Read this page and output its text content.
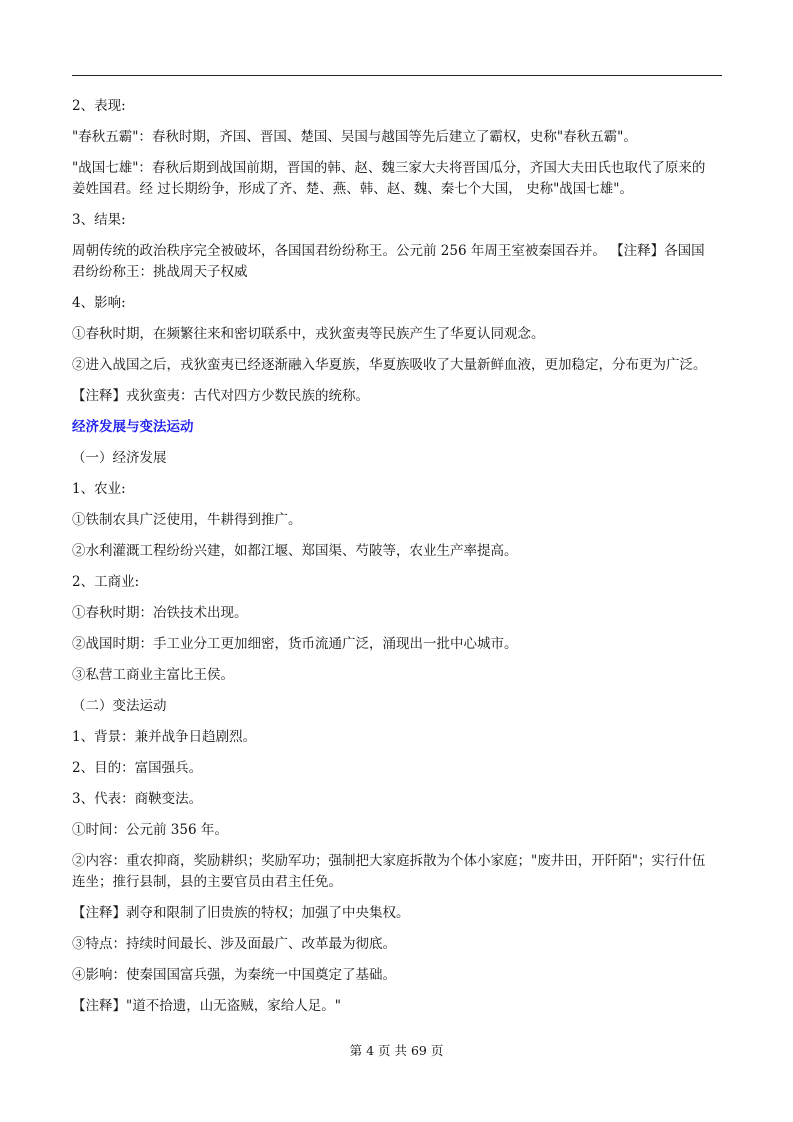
2、表现:
"春秋五霸"：春秋时期，齐国、晋国、楚国、吴国与越国等先后建立了霸权，史称"春秋五霸"。
"战国七雄"：春秋后期到战国前期，晋国的韩、赵、魏三家大夫将晋国瓜分，齐国大夫田氏也取代了原来的
姜姓国君。经 过长期纷争，形成了齐、楚、燕、韩、赵、魏、秦七个大国， 史称"战国七雄"。
3、结果:
周朝传统的政治秩序完全被破坏，各国国君纷纷称王。公元前 256 年周王室被秦国吞并。 【注释】各国国
君纷纷称王：挑战周天子权威
4、影响:
①春秋时期，在频繁往来和密切联系中，戎狄蛮夷等民族产生了华夏认同观念。
②进入战国之后，戎狄蛮夷已经逐渐融入华夏族，华夏族吸收了大量新鲜血液，更加稳定，分布更为广泛。
【注释】戎狄蛮夷：古代对四方少数民族的统称。
经济发展与变法运动
（一）经济发展
1、农业:
①铁制农具广泛使用，牛耕得到推广。
②水利灌溉工程纷纷兴建，如都江堰、郑国渠、芍陂等，农业生产率提高。
2、工商业:
①春秋时期：冶铁技术出现。
②战国时期：手工业分工更加细密，货币流通广泛，涌现出一批中心城市。
③私营工商业主富比王侯。
（二）变法运动
1、背景：兼并战争日趋剧烈。
2、目的：富国强兵。
3、代表：商鞅变法。
①时间：公元前 356 年。
②内容：重农抑商，奖励耕织；奖励军功；强制把大家庭拆散为个体小家庭；"废井田，开阡陌"；实行什伍
连坐；推行县制，县的主要官员由君主任免。
【注释】剥夺和限制了旧贵族的特权；加强了中央集权。
③特点：持续时间最长、涉及面最广、改革最为彻底。
④影响：使秦国国富兵强，为秦统一中国奠定了基础。
【注释】"道不拾遗，山无盗贼，家给人足。"
第 4 页 共 69 页
